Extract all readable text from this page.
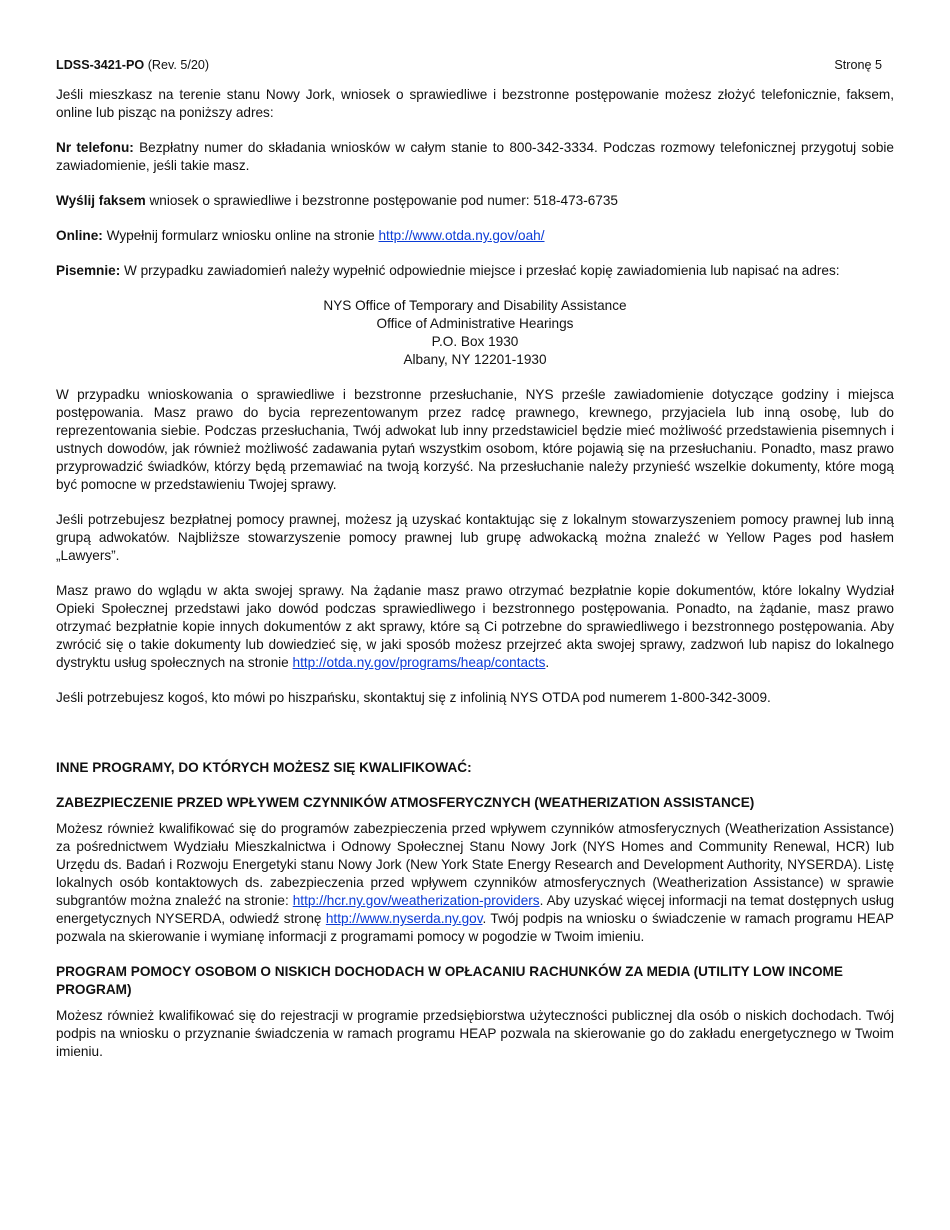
LDSS-3421-PO (Rev. 5/20)	Stronę 5

Jeśli mieszkasz na terenie stanu Nowy Jork, wniosek o sprawiedliwe i bezstronne postępowanie możesz złożyć telefonicznie, faksem, online lub pisząc na poniższy adres:

Nr telefonu: Bezpłatny numer do składania wniosków w całym stanie to 800-342-3334. Podczas rozmowy telefonicznej przygotuj sobie zawiadomienie, jeśli takie masz.

Wyślij faksem wniosek o sprawiedliwe i bezstronne postępowanie pod numer: 518-473-6735

Online: Wypełnij formularz wniosku online na stronie http://www.otda.ny.gov/oah/

Pisemnie: W przypadku zawiadomień należy wypełnić odpowiednie miejsce i przesłać kopię zawiadomienia lub napisać na adres:

NYS Office of Temporary and Disability Assistance
Office of Administrative Hearings
P.O. Box 1930
Albany, NY 12201-1930

W przypadku wnioskowania o sprawiedliwe i bezstronne przesłuchanie, NYS prześle zawiadomienie dotyczące godziny i miejsca postępowania. Masz prawo do bycia reprezentowanym przez radcę prawnego, krewnego, przyjaciela lub inną osobę, lub do reprezentowania siebie. Podczas przesłuchania, Twój adwokat lub inny przedstawiciel będzie mieć możliwość przedstawienia pisemnych i ustnych dowodów, jak również możliwość zadawania pytań wszystkim osobom, które pojawią się na przesłuchaniu. Ponadto, masz prawo przyprowadzić świadków, którzy będą przemawiać na twoją korzyść. Na przesłuchanie należy przynieść wszelkie dokumenty, które mogą być pomocne w przedstawieniu Twojej sprawy.

Jeśli potrzebujesz bezpłatnej pomocy prawnej, możesz ją uzyskać kontaktując się z lokalnym stowarzyszeniem pomocy prawnej lub inną grupą adwokatów. Najbliższe stowarzyszenie pomocy prawnej lub grupę adwokacką można znaleźć w Yellow Pages pod hasłem „Lawyers”.

Masz prawo do wglądu w akta swojej sprawy. Na żądanie masz prawo otrzymać bezpłatnie kopie dokumentów, które lokalny Wydział Opieki Społecznej przedstawi jako dowód podczas sprawiedliwego i bezstronnego postępowania. Ponadto, na żądanie, masz prawo otrzymać bezpłatnie kopie innych dokumentów z akt sprawy, które są Ci potrzebne do sprawiedliwego i bezstronnego postępowania. Aby zwrócić się o takie dokumenty lub dowiedzieć się, w jaki sposób możesz przejrzeć akta swojej sprawy, zadzwoń lub napisz do lokalnego dystryktu usług społecznych na stronie http://otda.ny.gov/programs/heap/contacts.

Jeśli potrzebujesz kogoś, kto mówi po hiszpańsku, skontaktuj się z infolinią NYS OTDA pod numerem 1-800-342-3009.

INNE PROGRAMY, DO KTÓRYCH MOŻESZ SIĘ KWALIFIKOWAĆ:
ZABEZPIECZENIE PRZED WPŁYWEM CZYNNIKÓW ATMOSFERYCZNYCH (WEATHERIZATION ASSISTANCE)

Możesz również kwalifikować się do programów zabezpieczenia przed wpływem czynników atmosferycznych (Weatherization Assistance) za pośrednictwem Wydziału Mieszkalnictwa i Odnowy Społecznej Stanu Nowy Jork (NYS Homes and Community Renewal, HCR) lub Urzędu ds. Badań i Rozwoju Energetyki stanu Nowy Jork (New York State Energy Research and Development Authority, NYSERDA). Listę lokalnych osób kontaktowych ds. zabezpieczenia przed wpływem czynników atmosferycznych (Weatherization Assistance) w sprawie subgrantów można znaleźć na stronie: http://hcr.ny.gov/weatherization-providers. Aby uzyskać więcej informacji na temat dostępnych usług energetycznych NYSERDA, odwiedź stronę http://www.nyserda.ny.gov. Twój podpis na wniosku o świadczenie w ramach programu HEAP pozwala na skierowanie i wymianę informacji z programami pomocy w pogodzie w Twoim imieniu.

PROGRAM POMOCY OSOBOM O NISKICH DOCHODACH W OPŁACANIU RACHUNKÓW ZA MEDIA (UTILITY LOW INCOME PROGRAM)

Możesz również kwalifikować się do rejestracji w programie przedsiębiorstwa użyteczności publicznej dla osób o niskich dochodach. Twój podpis na wniosku o przyznanie świadczenia w ramach programu HEAP pozwala na skierowanie go do zakładu energetycznego w Twoim imieniu.
